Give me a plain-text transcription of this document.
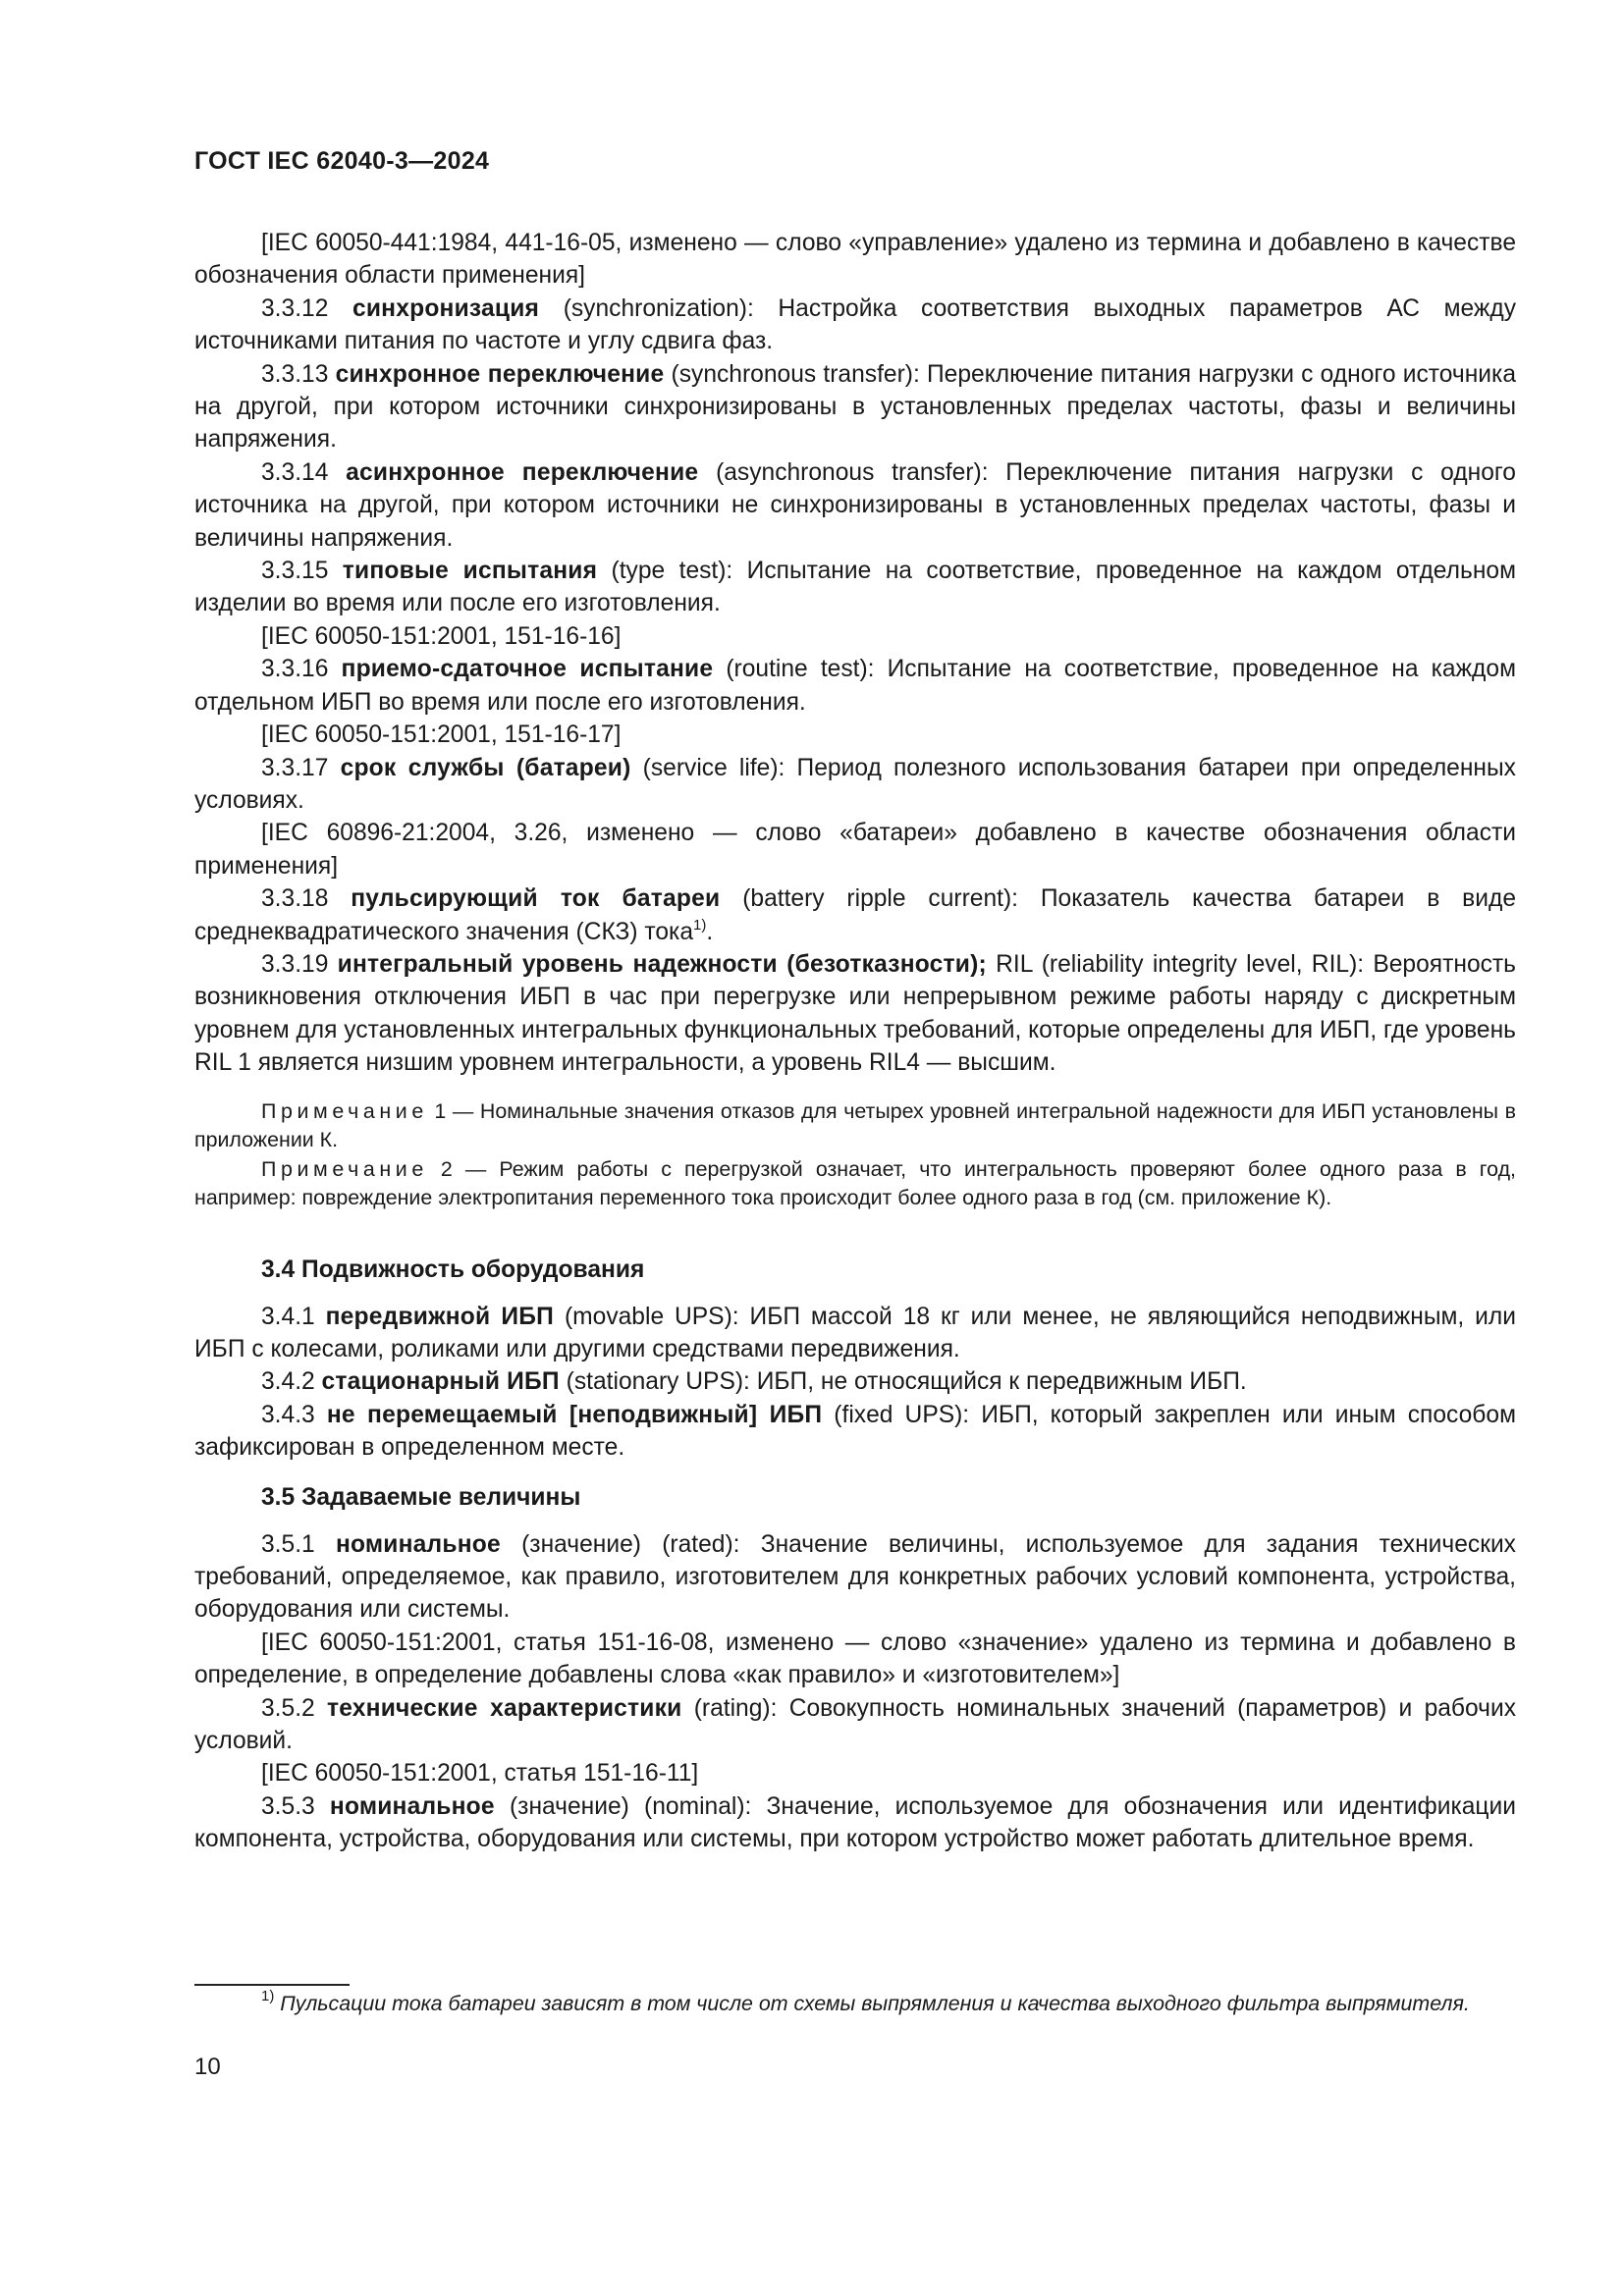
ГОСТ IEC 62040-3—2024

[IEC 60050-441:1984, 441-16-05, изменено — слово «управление» удалено из термина и добавлено в качестве обозначения области применения]

3.3.12 синхронизация (synchronization): Настройка соответствия выходных параметров АС между источниками питания по частоте и углу сдвига фаз.

3.3.13 синхронное переключение (synchronous transfer): Переключение питания нагрузки с одного источника на другой, при котором источники синхронизированы в установленных пределах частоты, фазы и величины напряжения.

3.3.14 асинхронное переключение (asynchronous transfer): Переключение питания нагрузки с одного источника на другой, при котором источники не синхронизированы в установленных пределах частоты, фазы и величины напряжения.

3.3.15 типовые испытания (type test): Испытание на соответствие, проведенное на каждом отдельном изделии во время или после его изготовления.

[IEC 60050-151:2001, 151-16-16]

3.3.16 приемо-сдаточное испытание (routine test): Испытание на соответствие, проведенное на каждом отдельном ИБП во время или после его изготовления.

[IEC 60050-151:2001, 151-16-17]

3.3.17 срок службы (батареи) (service life): Период полезного использования батареи при определенных условиях.

[IEC 60896-21:2004, 3.26, изменено — слово «батареи» добавлено в качестве обозначения области применения]

3.3.18 пульсирующий ток батареи (battery ripple current): Показатель качества батареи в виде среднеквадратического значения (СКЗ) тока$^{1)}$.

3.3.19 интегральный уровень надежности (безотказности); RIL (reliability integrity level, RIL): Вероятность возникновения отключения ИБП в час при перегрузке или непрерывном режиме работы наряду с дискретным уровнем для установленных интегральных функциональных требований, которые определены для ИБП, где уровень RIL 1 является низшим уровнем интегральности, а уровень RIL4 — высшим.

Примечание 1 — Номинальные значения отказов для четырех уровней интегральной надежности для ИБП установлены в приложении К.

Примечание 2 — Режим работы с перегрузкой означает, что интегральность проверяют более одного раза в год, например: повреждение электропитания переменного тока происходит более одного раза в год (см. приложение К).

3.4 Подвижность оборудования

3.4.1 передвижной ИБП (movable UPS): ИБП массой 18 кг или менее, не являющийся неподвижным, или ИБП с колесами, роликами или другими средствами передвижения.

3.4.2 стационарный ИБП (stationary UPS): ИБП, не относящийся к передвижным ИБП.

3.4.3 не перемещаемый [неподвижный] ИБП (fixed UPS): ИБП, который закреплен или иным способом зафиксирован в определенном месте.

3.5 Задаваемые величины

3.5.1 номинальное (значение) (rated): Значение величины, используемое для задания технических требований, определяемое, как правило, изготовителем для конкретных рабочих условий компонента, устройства, оборудования или системы.

[IEC 60050-151:2001, статья 151-16-08, изменено — слово «значение» удалено из термина и добавлено в определение, в определение добавлены слова «как правило» и «изготовителем»]

3.5.2 технические характеристики (rating): Совокупность номинальных значений (параметров) и рабочих условий.

[IEC 60050-151:2001, статья 151-16-11]

3.5.3 номинальное (значение) (nominal): Значение, используемое для обозначения или идентификации компонента, устройства, оборудования или системы, при котором устройство может работать длительное время.

$^{1)}$ Пульсации тока батареи зависят в том числе от схемы выпрямления и качества выходного фильтра выпрямителя.
10
